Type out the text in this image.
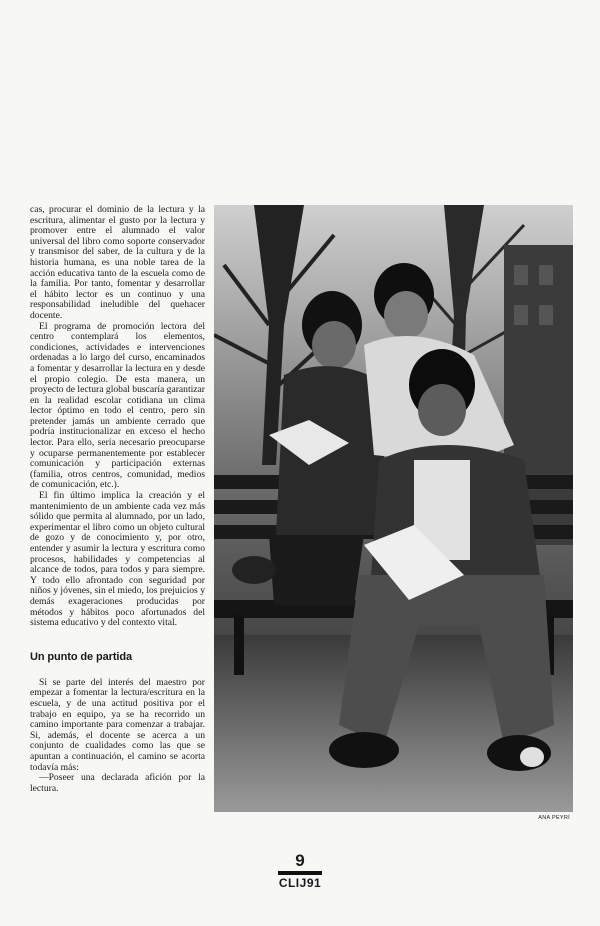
cas, procurar el dominio de la lectura y la escritura, alimentar el gusto por la lectura y promover entre el alumnado el valor universal del libro como soporte conservador y transmisor del saber, de la cultura y de la historia humana, es una noble tarea de la acción educativa tanto de la escuela como de la familia. Por tanto, fomentar y desarrollar el hábito lector es un continuo y una responsabilidad ineludible del quehacer docente.

El programa de promoción lectora del centro contemplará los elementos, condiciones, actividades e intervenciones ordenadas a lo largo del curso, encaminados a fomentar y desarrollar la lectura en y desde el propio colegio. De esta manera, un proyecto de lectura global buscaría garantizar en la realidad escolar cotidiana un clima lector óptimo en todo el centro, pero sin pretender jamás un ambiente cerrado que podría institucionalizar en exceso el hecho lector. Para ello, sería necesario preocuparse y ocuparse permanentemente por establecer comunicación y participación externas (familia, otros centros, comunidad, medios de comunicación, etc.).

El fin último implica la creación y el mantenimiento de un ambiente cada vez más sólido que permita al alumnado, por un lado, experimentar el libro como un objeto cultural de gozo y de conocimiento y, por otro, entender y asumir la lectura y escritura como procesos, habilidades y competencias al alcance de todos, para todos y para siempre. Y todo ello afrontado con seguridad por niños y jóvenes, sin el miedo, los prejuicios y demás exageraciones producidas por métodos y hábitos poco afortunados del sistema educativo y del contexto vital.

Un punto de partida

Si se parte del interés del maestro por empezar a fomentar la lectura/escritura en la escuela, y de una actitud positiva por el trabajo en equipo, ya se ha recorrido un camino importante para comenzar a trabajar. Si, además, el docente se acerca a un conjunto de cualidades como las que se apuntan a continuación, el camino se acorta todavía más:

—Poseer una declarada afición por la lectura.

ANA PEYRÍ
9
CLIJ91
